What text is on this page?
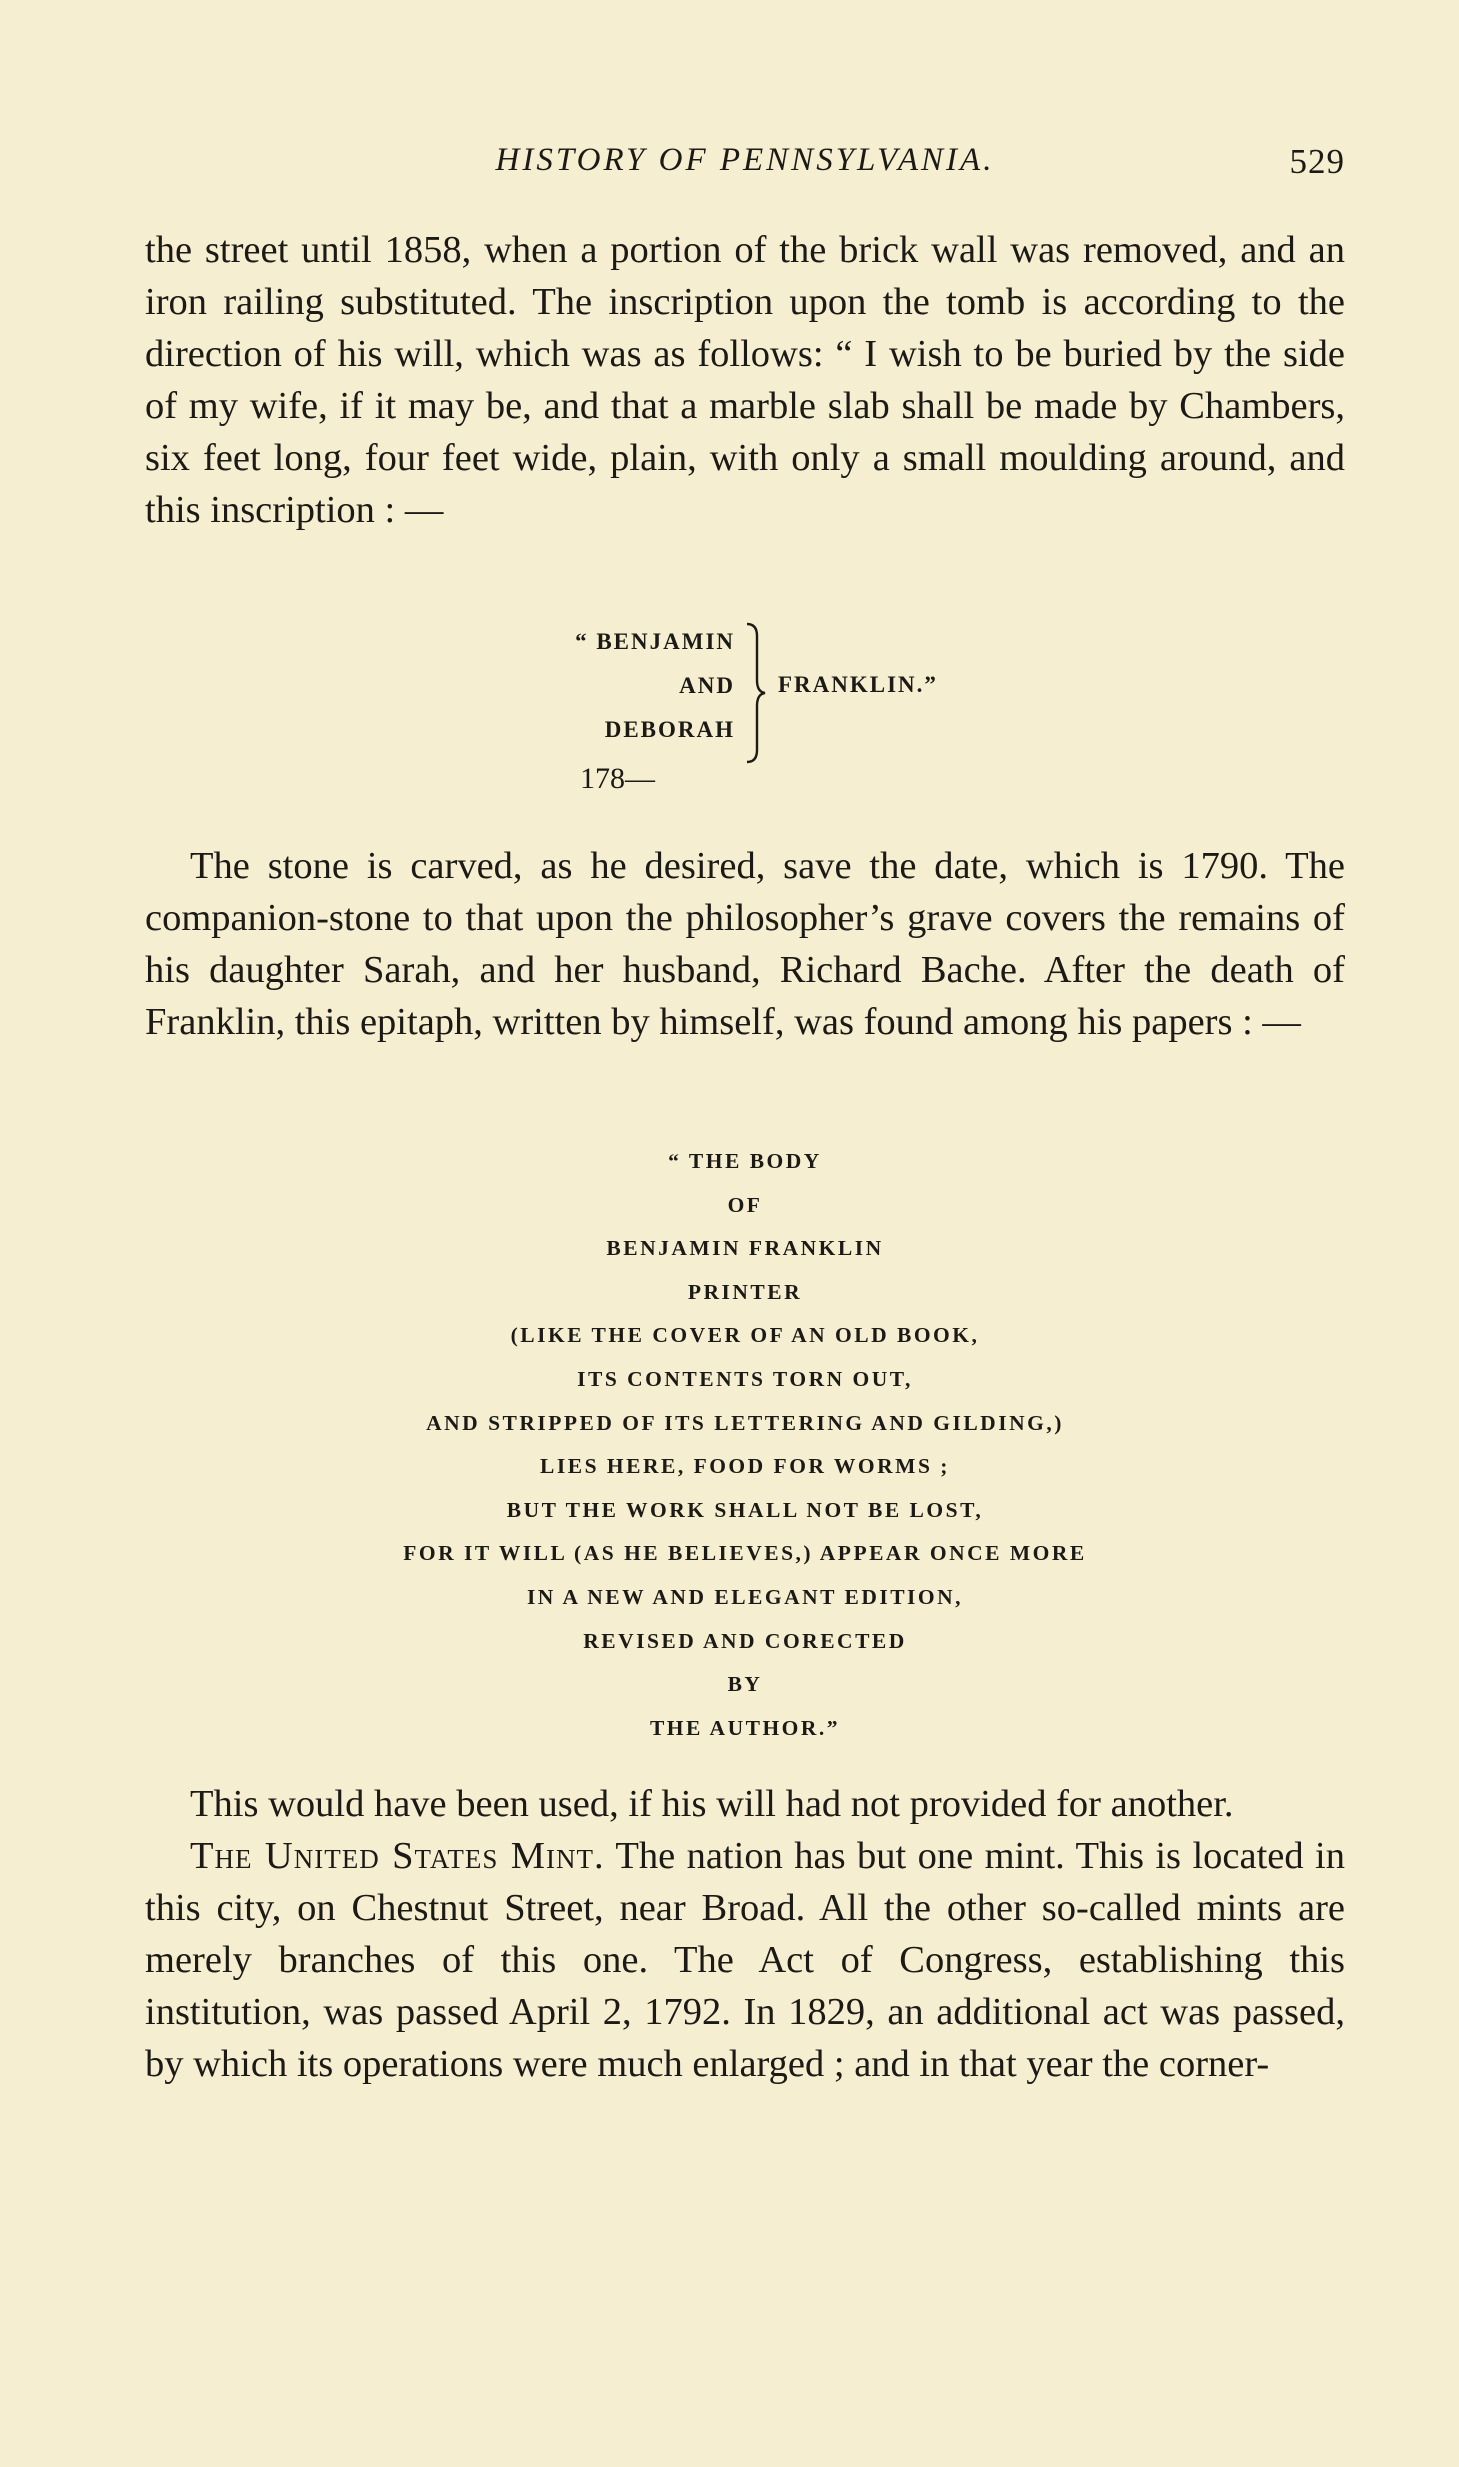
HISTORY OF PENNSYLVANIA.	529

the street until 1858, when a portion of the brick wall was removed, and an iron railing substituted. The inscription upon the tomb is according to the direction of his will, which was as follows: “ I wish to be buried by the side of my wife, if it may be, and that a marble slab shall be made by Chambers, six feet long, four feet wide, plain, with only a small moulding around, and this inscription : —

“ BENJAMIN
AND
DEBORAH
FRANKLIN.”
178—

The stone is carved, as he desired, save the date, which is 1790. The companion-stone to that upon the philosopher’s grave covers the remains of his daughter Sarah, and her husband, Richard Bache. After the death of Franklin, this epitaph, written by himself, was found among his papers : —

“ THE BODY
OF
BENJAMIN FRANKLIN
PRINTER
(LIKE THE COVER OF AN OLD BOOK,
ITS CONTENTS TORN OUT,
AND STRIPPED OF ITS LETTERING AND GILDING,)
LIES HERE, FOOD FOR WORMS ;
BUT THE WORK SHALL NOT BE LOST,
FOR IT WILL (AS HE BELIEVES,) APPEAR ONCE MORE
IN A NEW AND ELEGANT EDITION,
REVISED AND CORECTED
BY
THE AUTHOR.”

This would have been used, if his will had not provided for another.

The United States Mint. The nation has but one mint. This is located in this city, on Chestnut Street, near Broad. All the other so-called mints are merely branches of this one. The Act of Congress, establishing this institution, was passed April 2, 1792. In 1829, an additional act was passed, by which its operations were much enlarged ; and in that year the corner-
